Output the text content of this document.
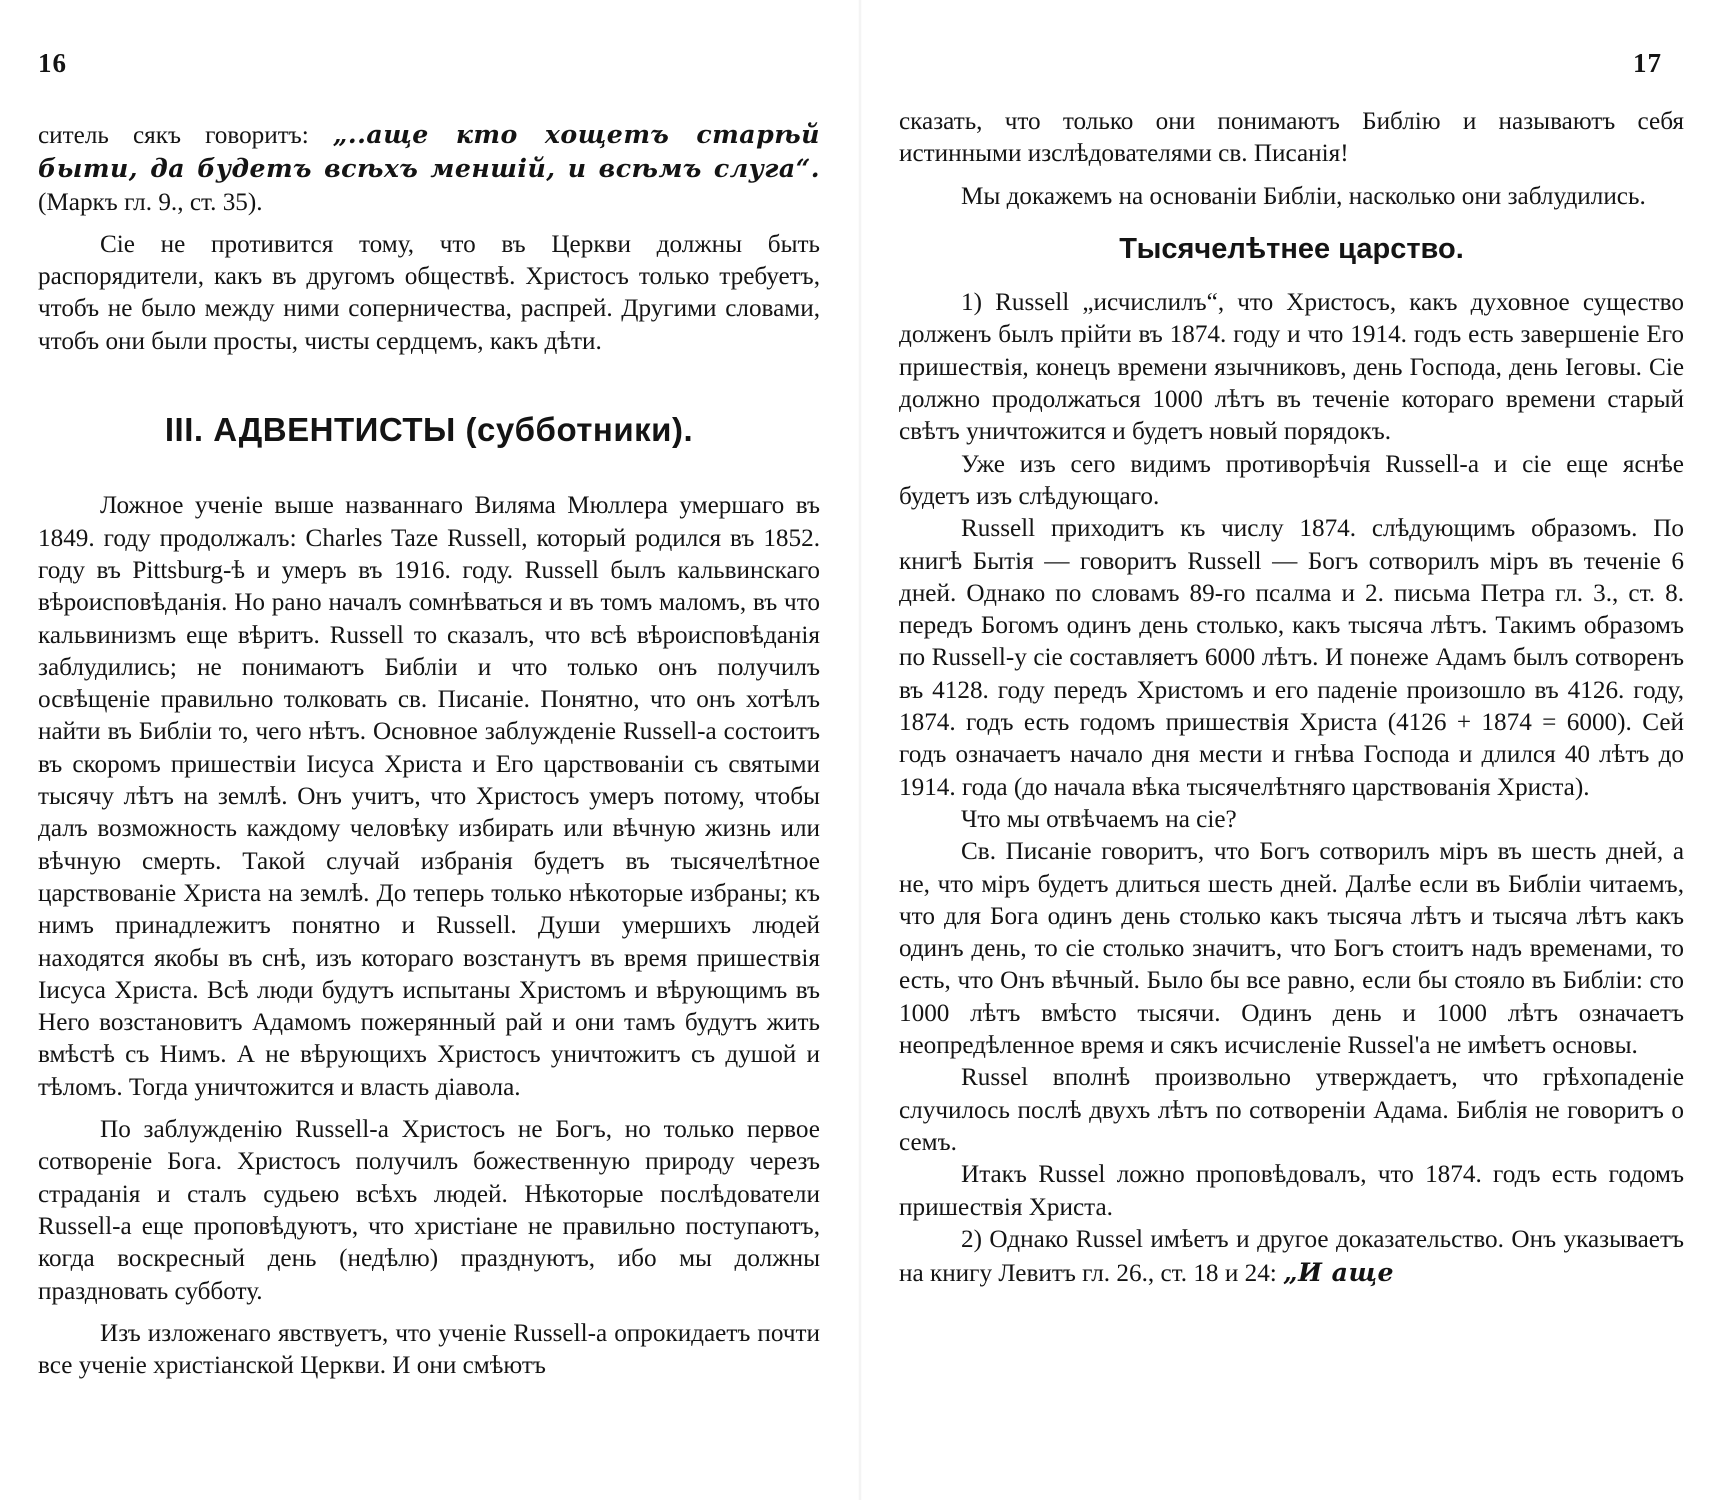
16

ситель сякъ говоритъ: „..аще кто хощетъ старѣй быти, да будетъ всѣхъ меншій, и всѣмъ слуга“. (Маркъ гл. 9., ст. 35).

Сіе не противится тому, что въ Церкви должны быть распорядители, какъ въ другомъ обществѣ. Христосъ только требуетъ, чтобъ не было между ними соперничества, распрей. Другими словами, чтобъ они были просты, чисты сердцемъ, какъ дѣти.

III. АДВЕНТИСТЫ (субботники).

Ложное ученіе выше названнаго Виляма Мюллера умершаго въ 1849. году продолжалъ: Charles Taze Russell, который родился въ 1852. году въ Pittsburg-ѣ и умеръ въ 1916. году. Russell былъ кальвинскаго вѣроисповѣданія. Но рано началъ сомнѣваться и въ томъ маломъ, въ что кальвинизмъ еще вѣритъ. Russell то сказалъ, что всѣ вѣроисповѣданія заблудились; не понимаютъ Библіи и что только онъ получилъ освѣщеніе правильно толковать св. Писаніе. Понятно, что онъ хотѣлъ найти въ Библіи то, чего нѣтъ. Основное заблужденіе Russell-а состоитъ въ скоромъ пришествіи Іисуса Христа и Его царствованіи съ святыми тысячу лѣтъ на землѣ. Онъ учитъ, что Христосъ умеръ потому, чтобы далъ возможность каждому человѣку избирать или вѣчную жизнь или вѣчную смерть. Такой случай избранія будетъ въ тысячелѣтное царствованіе Христа на землѣ. До теперь только нѣкоторые избраны; къ нимъ принадлежитъ понятно и Russell. Души умершихъ людей находятся якобы въ снѣ, изъ котораго возстанутъ въ время пришествія Іисуса Христа. Всѣ люди будутъ испытаны Христомъ и вѣрующимъ въ Него возстановитъ Адамомъ пожерянный рай и они тамъ будутъ жить вмѣстѣ съ Нимъ. А не вѣрующихъ Христосъ уничтожитъ съ душой и тѣломъ. Тогда уничтожится и власть діавола.

По заблужденію Russell-а Христосъ не Богъ, но только первое сотвореніе Бога. Христосъ получилъ божественную природу черезъ страданія и сталъ судьею всѣхъ людей. Нѣкоторые послѣдователи Russell-а еще проповѣдуютъ, что христіане не правильно поступаютъ, когда воскресный день (недѣлю) празднуютъ, ибо мы должны праздновать субботу.

Изъ изложенаго явствуетъ, что ученіе Russell-а опрокидаетъ почти все ученіе христіанской Церкви. И они смѣютъ

17

сказать, что только они понимаютъ Библію и называютъ себя истинными изслѣдователями св. Писанія!

Мы докажемъ на основаніи Библіи, насколько они заблудились.

Тысячелѣтнее царство.

1) Russell „исчислилъ“, что Христосъ, какъ духовное существо долженъ былъ прійти въ 1874. году и что 1914. годъ есть завершеніе Его пришествія, конецъ времени язычниковъ, день Господа, день Іеговы. Сіе должно продолжаться 1000 лѣтъ въ теченіе котораго времени старый свѣтъ уничтожится и будетъ новый порядокъ.

Уже изъ сего видимъ противорѣчія Russell-а и сіе еще яснѣе будетъ изъ слѣдующаго.

Russell приходитъ къ числу 1874. слѣдующимъ образомъ. По книгѣ Бытія — говоритъ Russell — Богъ сотворилъ міръ въ теченіе 6 дней. Однако по словамъ 89-го псалма и 2. письма Петра гл. 3., ст. 8. передъ Богомъ одинъ день столько, какъ тысяча лѣтъ. Такимъ образомъ по Russell-у сіе составляетъ 6000 лѣтъ. И понеже Адамъ былъ сотворенъ въ 4128. году передъ Христомъ и его паденіе произошло въ 4126. году, 1874. годъ есть годомъ пришествія Христа (4126 + 1874 = 6000). Сей годъ означаетъ начало дня мести и гнѣва Господа и длился 40 лѣтъ до 1914. года (до начала вѣка тысячелѣтняго царствованія Христа).

Что мы отвѣчаемъ на сіе?

Св. Писаніе говоритъ, что Богъ сотворилъ міръ въ шесть дней, а не, что міръ будетъ длиться шесть дней. Далѣе если въ Библіи читаемъ, что для Бога одинъ день столько какъ тысяча лѣтъ и тысяча лѣтъ какъ одинъ день, то сіе столько значитъ, что Богъ стоитъ надъ временами, то есть, что Онъ вѣчный. Было бы все равно, если бы стояло въ Библіи: сто 1000 лѣтъ вмѣсто тысячи. Одинъ день и 1000 лѣтъ означаетъ неопредѣленное время и сякъ исчисленіе Russel'а не имѣетъ основы.

Russel вполнѣ произвольно утверждаетъ, что грѣхопаденіе случилось послѣ двухъ лѣтъ по сотвореніи Адама. Библія не говоритъ о семъ.

Итакъ Russel ложно проповѣдовалъ, что 1874. годъ есть годомъ пришествія Христа.

2) Однако Russel имѣетъ и другое доказательство. Онъ указываетъ на книгу Левитъ гл. 26., ст. 18 и 24: „И аще
